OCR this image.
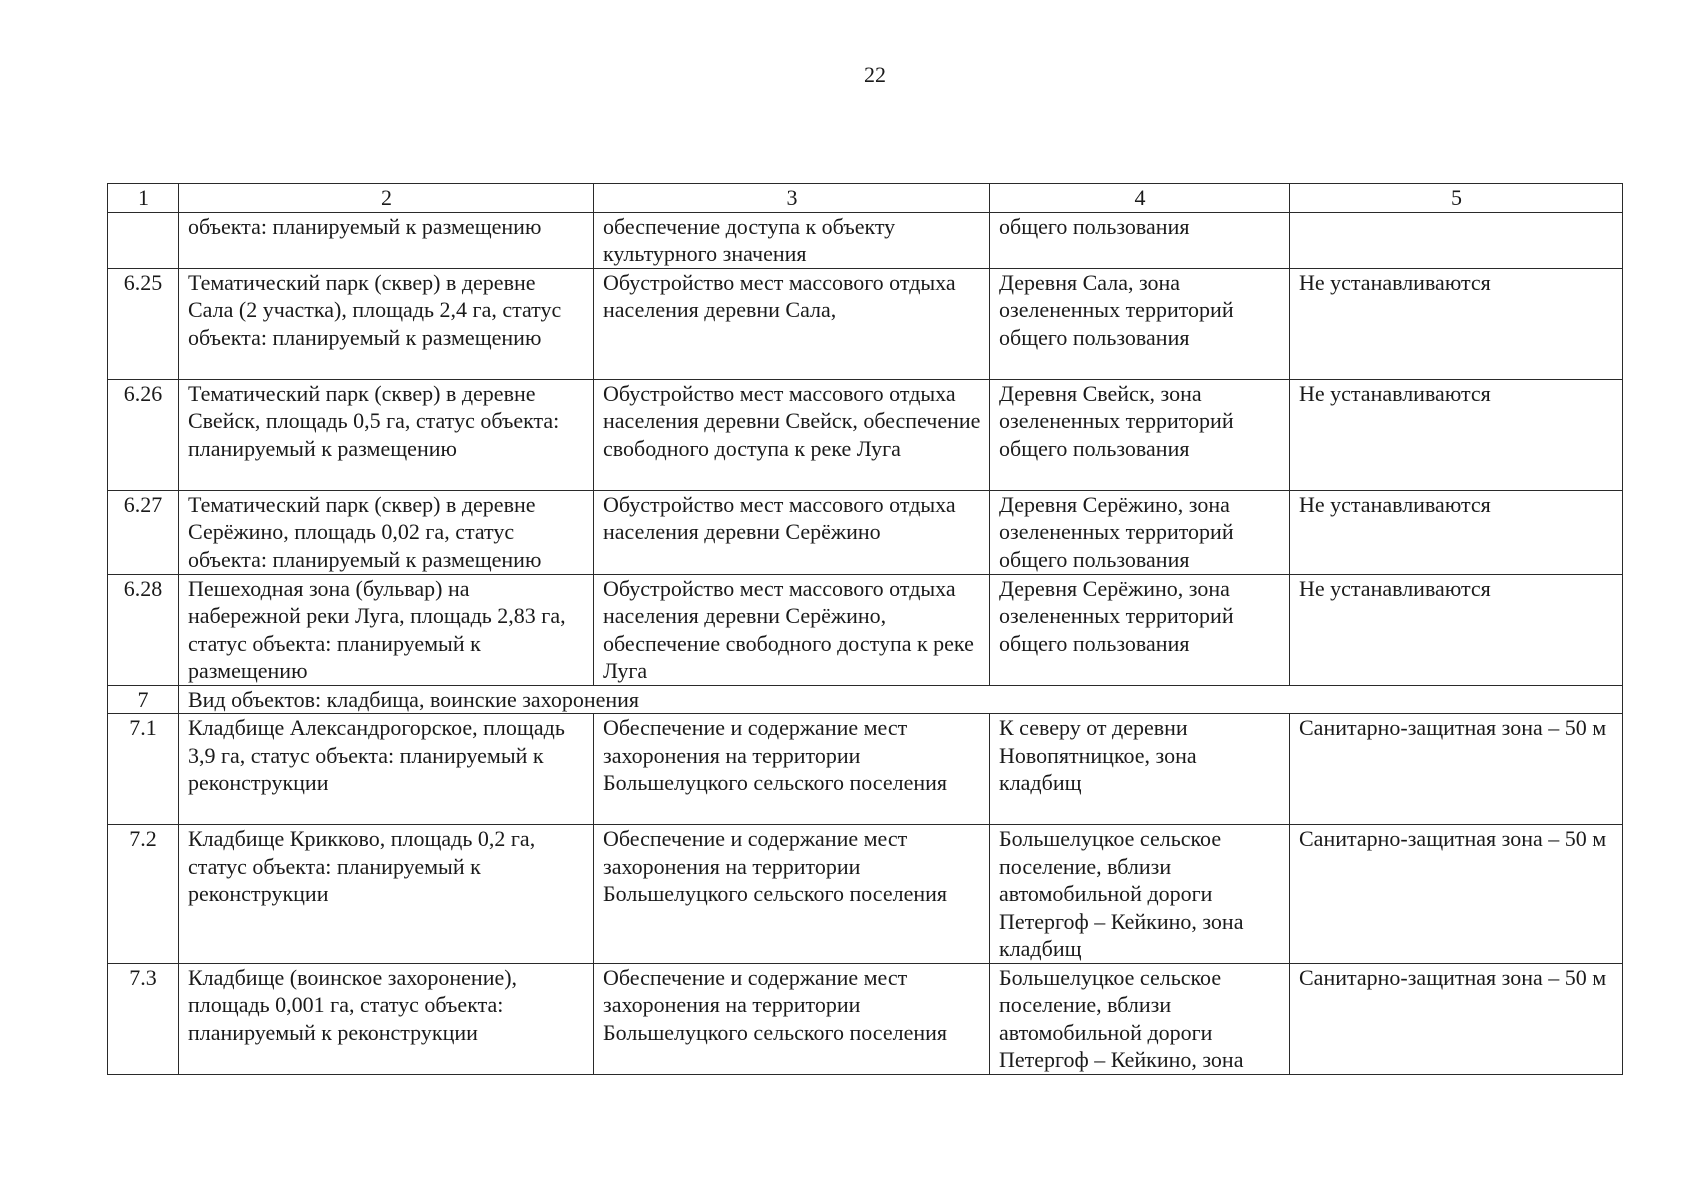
22
1	2	3	4	5
	объекта: планируемый к размещению	обеспечение доступа к объекту культурного значения	общего пользования	
6.25	Тематический парк (сквер) в деревне Сала (2 участка), площадь 2,4 га, статус объекта: планируемый к размещению	Обустройство мест массового отдыха населения деревни Сала,	Деревня Сала, зона озелененных территорий общего пользования	Не устанавливаются
6.26	Тематический парк (сквер) в деревне Свейск, площадь 0,5 га, статус объекта: планируемый к размещению	Обустройство мест массового отдыха населения деревни Свейск, обеспечение свободного доступа к реке Луга	Деревня Свейск, зона озелененных территорий общего пользования	Не устанавливаются
6.27	Тематический парк (сквер) в деревне Серёжино, площадь 0,02 га, статус объекта: планируемый к размещению	Обустройство мест массового отдыха населения деревни Серёжино	Деревня Серёжино, зона озелененных территорий общего пользования	Не устанавливаются
6.28	Пешеходная зона (бульвар) на набережной реки Луга, площадь 2,83 га, статус объекта: планируемый к размещению	Обустройство мест массового отдыха населения деревни Серёжино, обеспечение свободного доступа к реке Луга	Деревня Серёжино, зона озелененных территорий общего пользования	Не устанавливаются
7	Вид объектов: кладбища, воинские захоронения			
7.1	Кладбище Александрогорское, площадь 3,9 га, статус объекта: планируемый к реконструкции	Обеспечение и содержание мест захоронения на территории Большелуцкого сельского поселения	К северу от деревни Новопятницкое, зона кладбищ	Санитарно-защитная зона – 50 м
7.2	Кладбище Крикково, площадь 0,2 га, статус объекта: планируемый к реконструкции	Обеспечение и содержание мест захоронения на территории Большелуцкого сельского поселения	Большелуцкое сельское поселение, вблизи автомобильной дороги Петергоф – Кейкино, зона кладбищ	Санитарно-защитная зона – 50 м
7.3	Кладбище (воинское захоронение), площадь 0,001 га, статус объекта: планируемый к реконструкции	Обеспечение и содержание мест захоронения на территории Большелуцкого сельского поселения	Большелуцкое сельское поселение, вблизи автомобильной дороги Петергоф – Кейкино, зона	Санитарно-защитная зона – 50 м
